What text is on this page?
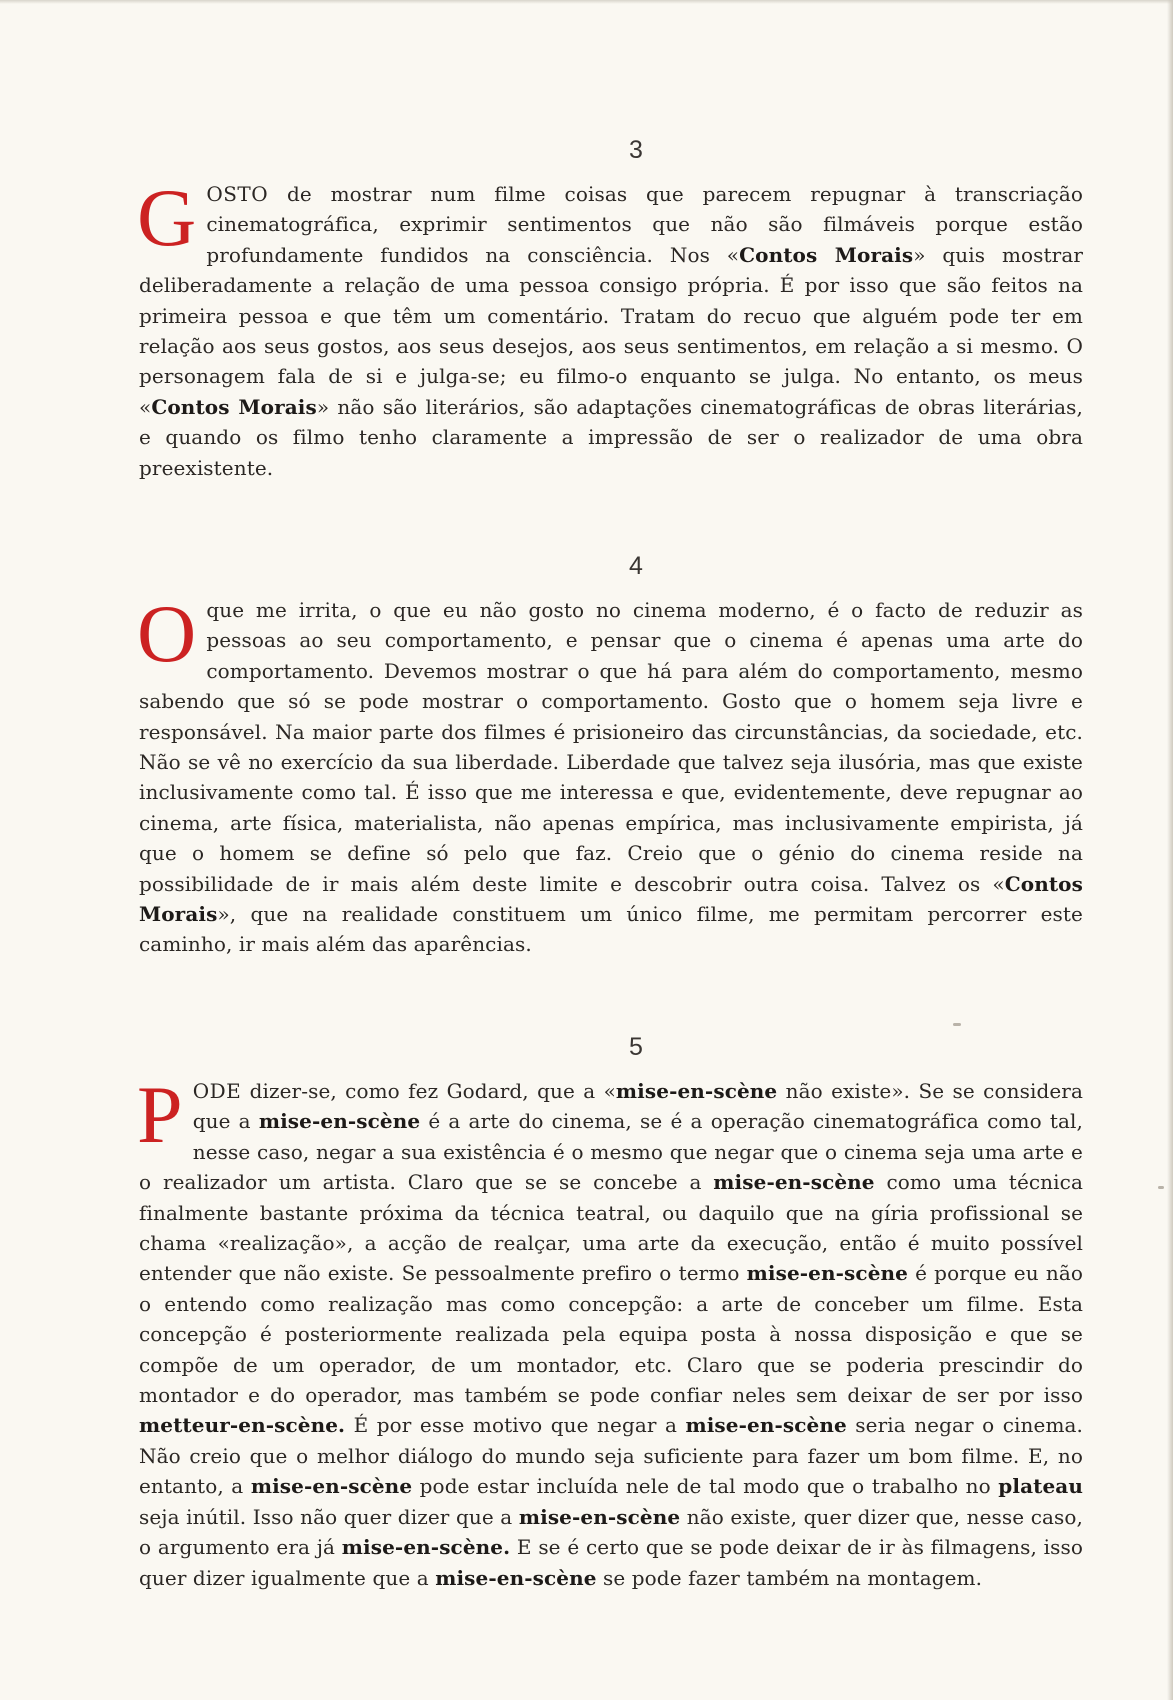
3

GOSTO de mostrar num filme coisas que parecem repugnar à transcriação cinematográfica, exprimir sentimentos que não são filmáveis porque estão profundamente fundidos na consciência. Nos «Contos Morais» quis mostrar deliberadamente a relação de uma pessoa consigo própria. É por isso que são feitos na primeira pessoa e que têm um comentário. Tratam do recuo que alguém pode ter em relação aos seus gostos, aos seus desejos, aos seus sentimentos, em relação a si mesmo. O personagem fala de si e julga-se; eu filmo-o enquanto se julga. No entanto, os meus «Contos Morais» não são literários, são adaptações cinematográficas de obras literárias, e quando os filmo tenho claramente a impressão de ser o realizador de uma obra preexistente.

4

O que me irrita, o que eu não gosto no cinema moderno, é o facto de reduzir as pessoas ao seu comportamento, e pensar que o cinema é apenas uma arte do comportamento. Devemos mostrar o que há para além do comportamento, mesmo sabendo que só se pode mostrar o comportamento. Gosto que o homem seja livre e responsável. Na maior parte dos filmes é prisioneiro das circunstâncias, da sociedade, etc. Não se vê no exercício da sua liberdade. Liberdade que talvez seja ilusória, mas que existe inclusivamente como tal. É isso que me interessa e que, evidentemente, deve repugnar ao cinema, arte física, materialista, não apenas empírica, mas inclusivamente empirista, já que o homem se define só pelo que faz. Creio que o génio do cinema reside na possibilidade de ir mais além deste limite e descobrir outra coisa. Talvez os «Contos Morais», que na realidade constituem um único filme, me permitam percorrer este caminho, ir mais além das aparências.

5

PODE dizer-se, como fez Godard, que a «mise-en-scène não existe». Se se considera que a mise-en-scène é a arte do cinema, se é a operação cinematográfica como tal, nesse caso, negar a sua existência é o mesmo que negar que o cinema seja uma arte e o realizador um artista. Claro que se se concebe a mise-en-scène como uma técnica finalmente bastante próxima da técnica teatral, ou daquilo que na gíria profissional se chama «realização», a acção de realçar, uma arte da execução, então é muito possível entender que não existe. Se pessoalmente prefiro o termo mise-en-scène é porque eu não o entendo como realização mas como concepção: a arte de conceber um filme. Esta concepção é posteriormente realizada pela equipa posta à nossa disposição e que se compõe de um operador, de um montador, etc. Claro que se poderia prescindir do montador e do operador, mas também se pode confiar neles sem deixar de ser por isso metteur-en-scène. É por esse motivo que negar a mise-en-scène seria negar o cinema. Não creio que o melhor diálogo do mundo seja suficiente para fazer um bom filme. E, no entanto, a mise-en-scène pode estar incluída nele de tal modo que o trabalho no plateau seja inútil. Isso não quer dizer que a mise-en-scène não existe, quer dizer que, nesse caso, o argumento era já mise-en-scène. E se é certo que se pode deixar de ir às filmagens, isso quer dizer igualmente que a mise-en-scène se pode fazer também na montagem.
